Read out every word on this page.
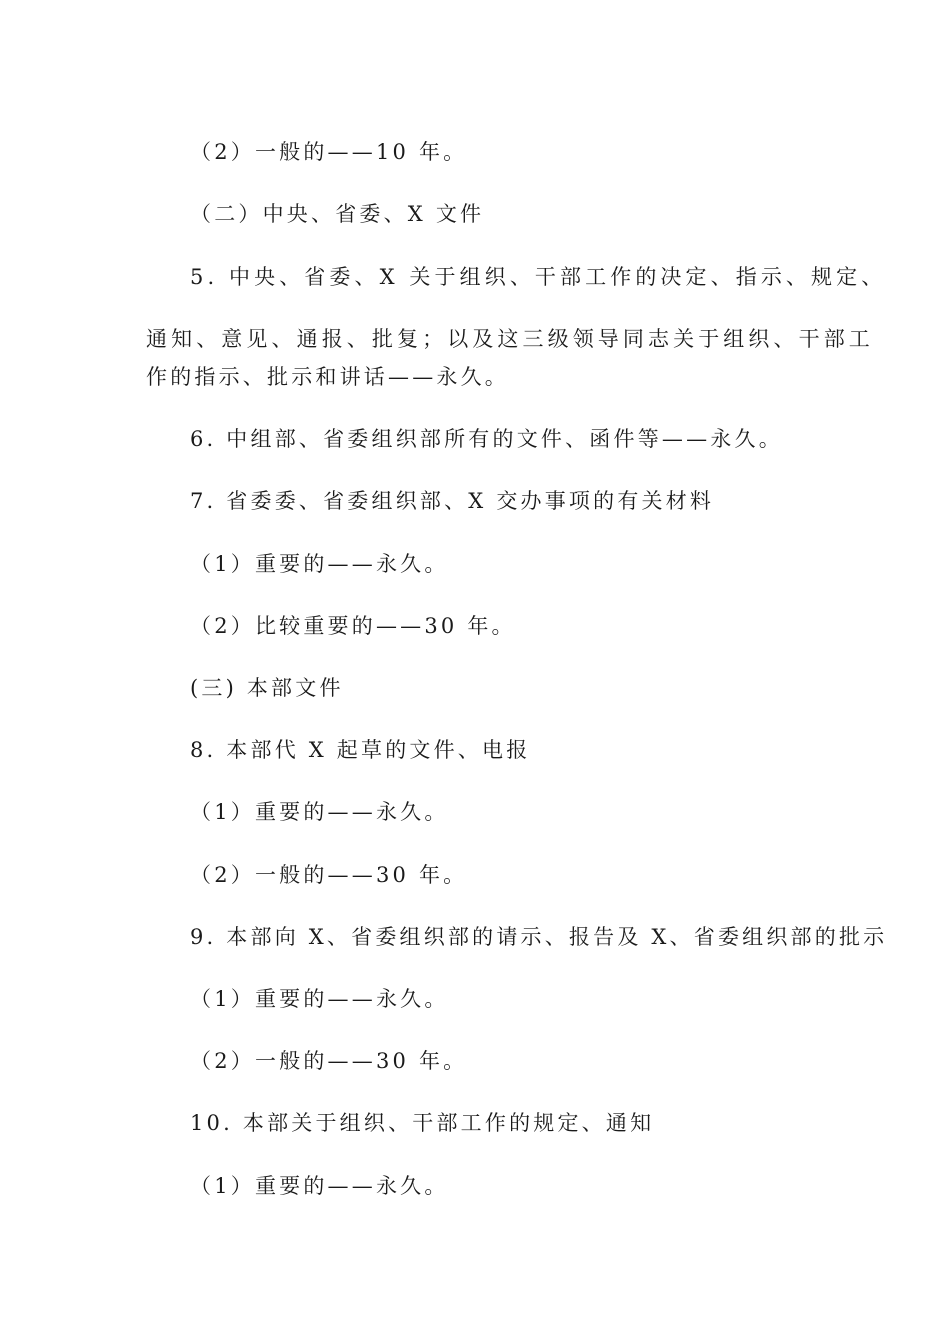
（2）一般的——10 年。
（二）中央、省委、X 文件
5. 中央、省委、X 关于组织、干部工作的决定、指示、规定、
通知、意见、通报、批复；以及这三级领导同志关于组织、干部工
作的指示、批示和讲话——永久。
6. 中组部、省委组织部所有的文件、函件等——永久。
7. 省委委、省委组织部、X 交办事项的有关材料
（1）重要的——永久。
（2）比较重要的——30 年。
(三) 本部文件
8. 本部代 X 起草的文件、电报
（1）重要的——永久。
（2）一般的——30 年。
9. 本部向 X、省委组织部的请示、报告及 X、省委组织部的批示
（1）重要的——永久。
（2）一般的——30 年。
10. 本部关于组织、干部工作的规定、通知
（1）重要的——永久。
